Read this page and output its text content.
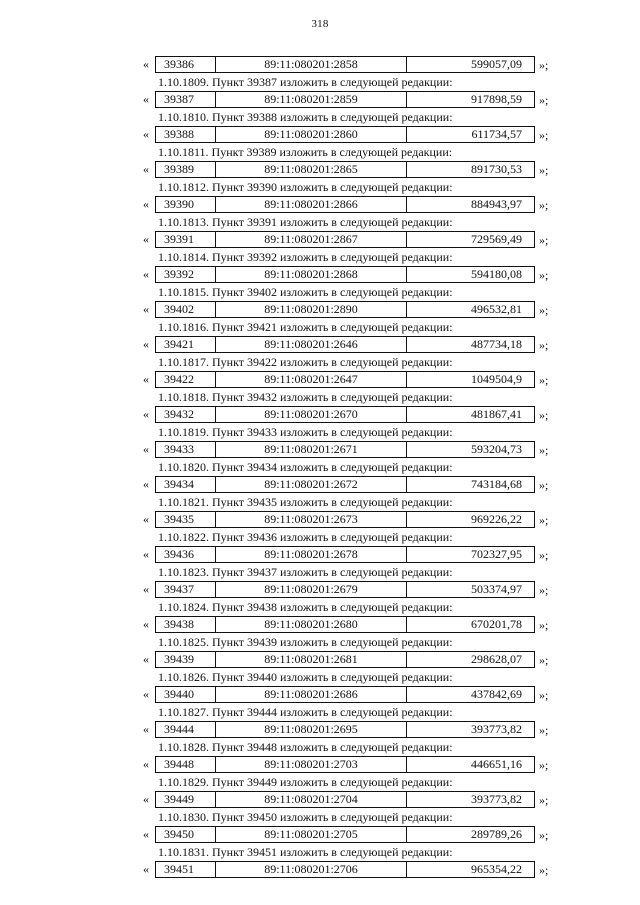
318
«	39386	89:11:080201:2858	599057,09	»;
1.10.1809. Пункт 39387 изложить в следующей редакции:
«	39387	89:11:080201:2859	917898,59	»;
1.10.1810. Пункт 39388 изложить в следующей редакции:
«	39388	89:11:080201:2860	611734,57	»;
1.10.1811. Пункт 39389 изложить в следующей редакции:
«	39389	89:11:080201:2865	891730,53	»;
1.10.1812. Пункт 39390 изложить в следующей редакции:
«	39390	89:11:080201:2866	884943,97	»;
1.10.1813. Пункт 39391 изложить в следующей редакции:
«	39391	89:11:080201:2867	729569,49	»;
1.10.1814. Пункт 39392 изложить в следующей редакции:
«	39392	89:11:080201:2868	594180,08	»;
1.10.1815. Пункт 39402 изложить в следующей редакции:
«	39402	89:11:080201:2890	496532,81	»;
1.10.1816. Пункт 39421 изложить в следующей редакции:
«	39421	89:11:080201:2646	487734,18	»;
1.10.1817. Пункт 39422 изложить в следующей редакции:
«	39422	89:11:080201:2647	1049504,9	»;
1.10.1818. Пункт 39432 изложить в следующей редакции:
«	39432	89:11:080201:2670	481867,41	»;
1.10.1819. Пункт 39433 изложить в следующей редакции:
«	39433	89:11:080201:2671	593204,73	»;
1.10.1820. Пункт 39434 изложить в следующей редакции:
«	39434	89:11:080201:2672	743184,68	»;
1.10.1821. Пункт 39435 изложить в следующей редакции:
«	39435	89:11:080201:2673	969226,22	»;
1.10.1822. Пункт 39436 изложить в следующей редакции:
«	39436	89:11:080201:2678	702327,95	»;
1.10.1823. Пункт 39437 изложить в следующей редакции:
«	39437	89:11:080201:2679	503374,97	»;
1.10.1824. Пункт 39438 изложить в следующей редакции:
«	39438	89:11:080201:2680	670201,78	»;
1.10.1825. Пункт 39439 изложить в следующей редакции:
«	39439	89:11:080201:2681	298628,07	»;
1.10.1826. Пункт 39440 изложить в следующей редакции:
«	39440	89:11:080201:2686	437842,69	»;
1.10.1827. Пункт 39444 изложить в следующей редакции:
«	39444	89:11:080201:2695	393773,82	»;
1.10.1828. Пункт 39448 изложить в следующей редакции:
«	39448	89:11:080201:2703	446651,16	»;
1.10.1829. Пункт 39449 изложить в следующей редакции:
«	39449	89:11:080201:2704	393773,82	»;
1.10.1830. Пункт 39450 изложить в следующей редакции:
«	39450	89:11:080201:2705	289789,26	»;
1.10.1831. Пункт 39451 изложить в следующей редакции:
«	39451	89:11:080201:2706	965354,22	»;
